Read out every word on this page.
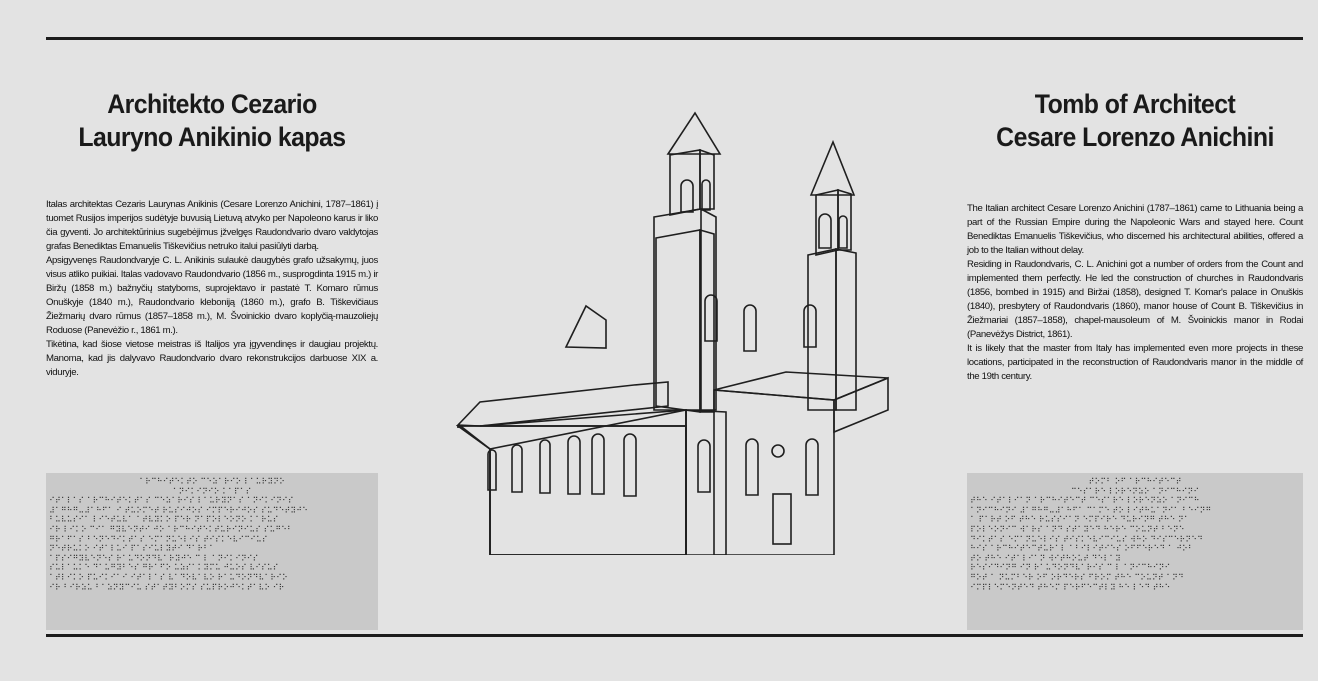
Architekto Cezario
Lauryno Anikinio kapas

Italas architektas Cezaris Laurynas Anikinis (Cesare Lorenzo Anichini, 1787–1861) į tuomet Rusijos imperijos sudėtyje buvusią Lietuvą atvyko per Napoleono karus ir liko čia gyventi. Jo architektūrinius sugebėjimus įžvelgęs Raudondvario dvaro valdytojas grafas Benediktas Emanuelis Tiškevičius netruko italui pasiūlyti darbą.

Apsigyvenęs Raudondvaryje C. L. Anikinis sulaukė daugybės grafo užsakymų, juos visus atliko puikiai. Italas vadovavo Raudondvario (1856 m., susprogdinta 1915 m.) ir Biržų (1858 m.) bažnyčių statyboms, suprojektavo ir pastatė T. Komaro rūmus Onuškyje (1840 m.), Raudondvario kleboniją (1860 m.), grafo B. Tiškevičiaus Žiežmarių dvaro rūmus (1857–1858 m.), M. Švoinickio dvaro koplyčią-mauzoliejų Roduose (Panevėžio r., 1861 m.).

Tikėtina, kad šiose vietose meistras iš Italijos yra įgyvendinęs ir daugiau projektų. Manoma, kad jis dalyvavo Raudondvario dvaro rekonstrukcijos darbuose XIX a. viduryje.

⠁⠗⠉⠓⠊⠞⠑⠅⠞⠕ ⠉⠑⠵⠁⠗⠊⠕ ⠇⠁⠥⠗⠽⠝⠕
⠁⠝⠊⠅⠊⠝⠊⠕ ⠅⠁⠏⠁⠎
⠊⠞⠁⠇⠁⠎ ⠁⠗⠉⠓⠊⠞⠑⠅⠞⠁⠎ ⠉⠑⠵⠁⠗⠊⠎ ⠇⠁⠥⠗⠽⠝⠁⠎ ⠁⠝⠊⠅⠊⠝⠊⠎
⠼⠁⠛⠓⠛⠤⠼⠁⠓⠋⠁ ⠊ ⠞⠥⠕⠍⠑⠞ ⠗⠥⠎⠊⠚⠕⠎ ⠊⠍⠏⠑⠗⠊⠚⠕⠎ ⠎⠥⠙⠑⠞⠽⠚⠑
⠃⠥⠧⠥⠎⠊⠁ ⠇⠊⠑⠞⠥⠧⠁ ⠁⠞⠧⠽⠅⠕ ⠏⠑⠗ ⠝⠁⠏⠕⠇⠑⠕⠝⠕ ⠅⠁⠗⠥⠎
⠊⠗ ⠇⠊⠅⠕ ⠉⠊⠁ ⠛⠽⠧⠑⠝⠞⠊ ⠚⠕ ⠁⠗⠉⠓⠊⠞⠑⠅⠞⠥⠗⠊⠝⠊⠥⠎ ⠎⠥⠛⠑⠃
⠛⠗⠁⠋⠁⠎ ⠃⠑⠝⠑⠙⠊⠅⠞⠁⠎ ⠑⠍⠁⠝⠥⠑⠇⠊⠎ ⠞⠊⠎⠅⠑⠧⠊⠉⠊⠥⠎
⠝⠑⠞⠗⠥⠅⠕ ⠊⠞⠁⠇⠥⠊ ⠏⠁⠎⠊⠥⠇⠽⠞⠊ ⠙⠁⠗⠃⠁
⠁⠏⠎⠊⠛⠽⠧⠑⠝⠑⠎ ⠗⠁⠥⠙⠕⠝⠙⠧⠁⠗⠽⠚⠑ ⠉ ⠇ ⠁⠝⠊⠅⠊⠝⠊⠎
⠎⠥⠇⠁⠥⠅⠑ ⠙⠁⠥⠛⠽⠃⠑⠎ ⠛⠗⠁⠋⠕ ⠥⠵⠎⠁⠅⠽⠍⠥ ⠚⠥⠕⠎ ⠧⠊⠎⠥⠎
⠁⠞⠇⠊⠅⠕ ⠏⠥⠊⠅⠊⠁⠊ ⠊⠞⠁⠇⠁⠎ ⠧⠁⠙⠕⠧⠁⠧⠕ ⠗⠁⠥⠙⠕⠝⠙⠧⠁⠗⠊⠕
⠊⠗ ⠃⠊⠗⠵⠥ ⠃⠁⠵⠝⠽⠉⠊⠥ ⠎⠞⠁⠞⠽⠃⠕⠍⠎ ⠎⠥⠏⠗⠕⠚⠑⠅⠞⠁⠧⠕ ⠊⠗
Tomb of Architect
Cesare Lorenzo Anichini

The Italian architect Cesare Lorenzo Anichini (1787–1861) came to Lithuania being a part of the Russian Empire during the Napoleonic Wars and stayed here. Count Benediktas Emanuelis Tiškevičius, who discerned his architectural abilities, offered a job to the Italian without delay.

Residing in Raudondvaris, C. L. Anichini got a number of orders from the Count and implemented them perfectly. He led the construction of churches in Raudondvaris (1856, bombed in 1915) and Biržai (1858), designed T. Komar's palace in Onuškis (1840), presbytery of Raudondvaris (1860), manor house of Count B. Tiškevičius in Žiežmariai (1857–1858), chapel-mausoleum of M. Švoinickis manor in Rodai (Panevėžys District, 1861).

It is likely that the master from Italy has implemented even more projects in these locations, participated in the reconstruction of Raudondvaris manor in the middle of the 19th century.

⠞⠕⠍⠃ ⠕⠋ ⠁⠗⠉⠓⠊⠞⠑⠉⠞
⠉⠑⠎⠁⠗⠑ ⠇⠕⠗⠑⠝⠵⠕ ⠁⠝⠊⠉⠓⠊⠝⠊
⠞⠓⠑ ⠊⠞⠁⠇⠊⠁⠝ ⠁⠗⠉⠓⠊⠞⠑⠉⠞ ⠉⠑⠎⠁⠗⠑ ⠇⠕⠗⠑⠝⠵⠕ ⠁⠝⠊⠉⠓
⠁⠝⠊⠉⠓⠊⠝⠊ ⠼⠁⠛⠓⠛⠤⠼⠁⠓⠋⠁ ⠉⠁⠍⠑ ⠞⠕ ⠇⠊⠞⠓⠥⠁⠝⠊⠁ ⠃⠑⠊⠝⠛
⠁ ⠏⠁⠗⠞ ⠕⠋ ⠞⠓⠑ ⠗⠥⠎⠎⠊⠁⠝ ⠑⠍⠏⠊⠗⠑ ⠙⠥⠗⠊⠝⠛ ⠞⠓⠑ ⠝⠁
⠏⠕⠇⠑⠕⠝⠊⠉ ⠺⠁⠗⠎ ⠁⠝⠙ ⠎⠞⠁⠽⠑⠙ ⠓⠑⠗⠑ ⠉⠕⠥⠝⠞ ⠃⠑⠝⠑
⠙⠊⠅⠞⠁⠎ ⠑⠍⠁⠝⠥⠑⠇⠊⠎ ⠞⠊⠎⠅⠑⠧⠊⠉⠊⠥⠎ ⠺⠓⠕ ⠙⠊⠎⠉⠑⠗⠝⠑⠙
⠓⠊⠎ ⠁⠗⠉⠓⠊⠞⠑⠉⠞⠥⠗⠁⠇ ⠁⠃⠊⠇⠊⠞⠊⠑⠎ ⠕⠋⠋⠑⠗⠑⠙ ⠁ ⠚⠕⠃
⠞⠕ ⠞⠓⠑ ⠊⠞⠁⠇⠊⠁⠝ ⠺⠊⠞⠓⠕⠥⠞ ⠙⠑⠇⠁⠽
⠗⠑⠎⠊⠙⠊⠝⠛ ⠊⠝ ⠗⠁⠥⠙⠕⠝⠙⠧⠁⠗⠊⠎ ⠉ ⠇ ⠁⠝⠊⠉⠓⠊⠝⠊
⠛⠕⠞ ⠁ ⠝⠥⠍⠃⠑⠗ ⠕⠋ ⠕⠗⠙⠑⠗⠎ ⠋⠗⠕⠍ ⠞⠓⠑ ⠉⠕⠥⠝⠞ ⠁⠝⠙
⠊⠍⠏⠇⠑⠍⠑⠝⠞⠑⠙ ⠞⠓⠑⠍ ⠏⠑⠗⠋⠑⠉⠞⠇⠽ ⠓⠑ ⠇⠑⠙ ⠞⠓⠑
